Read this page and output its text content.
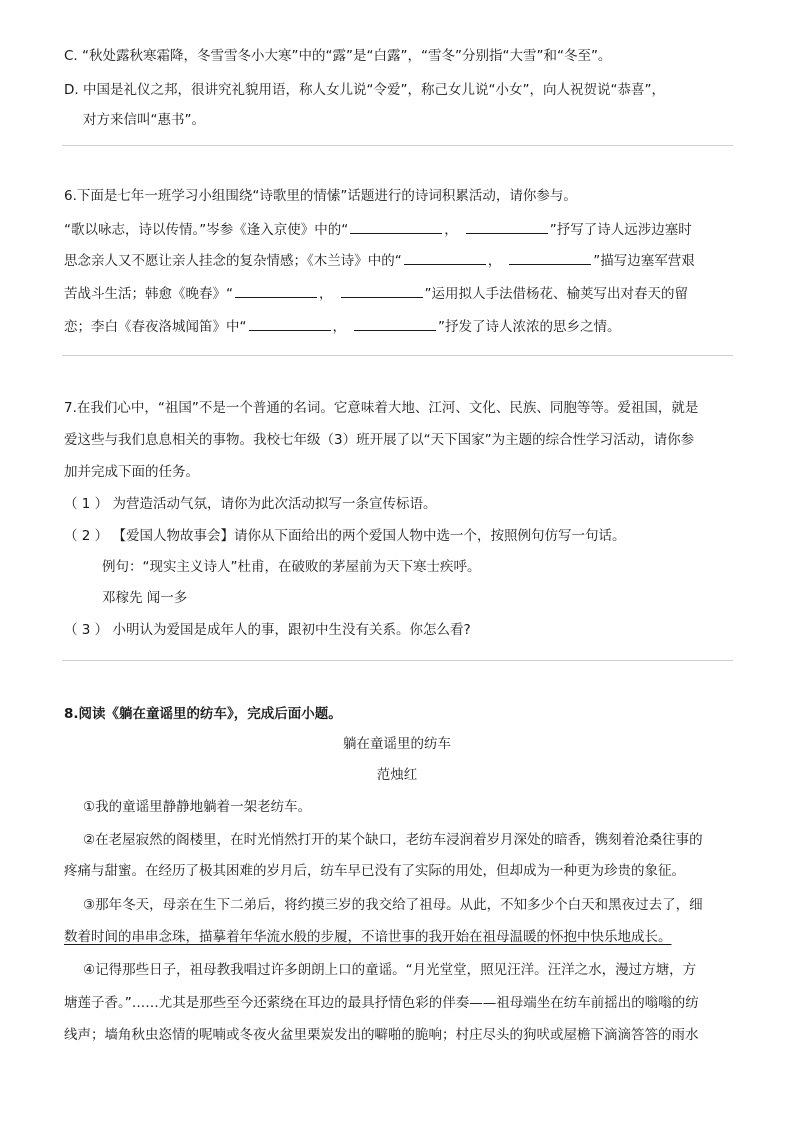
C. “秋处露秋寒霜降，冬雪雪冬小大寒”中的“露”是“白露”，“雪冬”分别指“大雪”和“冬至”。
D. 中国是礼仪之邦，很讲究礼貌用语，称人女儿说“令爱”，称己女儿说“小女”，向人祝贺说“恭喜”，
对方来信叫“惠书”。
6.下面是七年一班学习小组围绕“诗歌里的情愫”话题进行的诗词积累活动，请你参与。
“歌以咏志，诗以传情。”岑参《逢入京使》中的“	，	”抒写了诗人远涉边塞时
思念亲人又不愿让亲人挂念的复杂情感；《木兰诗》中的“	，	”描写边塞军营艰
苦战斗生活；韩愈《晚春》“	，	”运用拟人手法借杨花、榆荚写出对春天的留
恋；李白《春夜洛城闻笛》中“	，	”抒发了诗人浓浓的思乡之情。
7.在我们心中，“祖国”不是一个普通的名词。它意味着大地、江河、文化、民族、同胞等等。爱祖国，就是
爱这些与我们息息相关的事物。我校七年级（3）班开展了以“天下国家”为主题的综合性学习活动，请你参
加并完成下面的任务。
（ 1 ） 为营造活动气氛，请你为此次活动拟写一条宣传标语。
（ 2 ） 【爱国人物故事会】请你从下面给出的两个爱国人物中选一个，按照例句仿写一句话。
例句：“现实主义诗人”杜甫，在破败的茅屋前为天下寒士疾呼。
邓稼先 闻一多
（ 3 ） 小明认为爱国是成年人的事，跟初中生没有关系。你怎么看?
8.阅读《躺在童谣里的纺车》，完成后面小题。
躺在童谣里的纺车
范烛红
①我的童谣里静静地躺着一架老纺车。
②在老屋寂然的阁楼里，在时光悄然打开的某个缺口，老纺车浸润着岁月深处的暗香，镌刻着沧桑往事的
疼痛与甜蜜。在经历了极其困难的岁月后，纺车早已没有了实际的用处，但却成为一种更为珍贵的象征。
③那年冬天，母亲在生下二弟后，将约摸三岁的我交给了祖母。从此，不知多少个白天和黑夜过去了，细
数着时间的串串念珠，描摹着年华流水般的步履，不谙世事的我开始在祖母温暖的怀抱中快乐地成长。
④记得那些日子，祖母教我唱过许多朗朗上口的童谣。“月光堂堂，照见汪洋。汪洋之水，漫过方塘，方
塘莲子香。”……尤其是那些至今还萦绕在耳边的最具抒情色彩的伴奏——祖母端坐在纺车前摇出的嗡嗡的纺
线声；墙角秋虫恣情的呢喃或冬夜火盆里栗炭发出的噼啪的脆响；村庄尽头的狗吠或屋檐下滴滴答答的雨水
